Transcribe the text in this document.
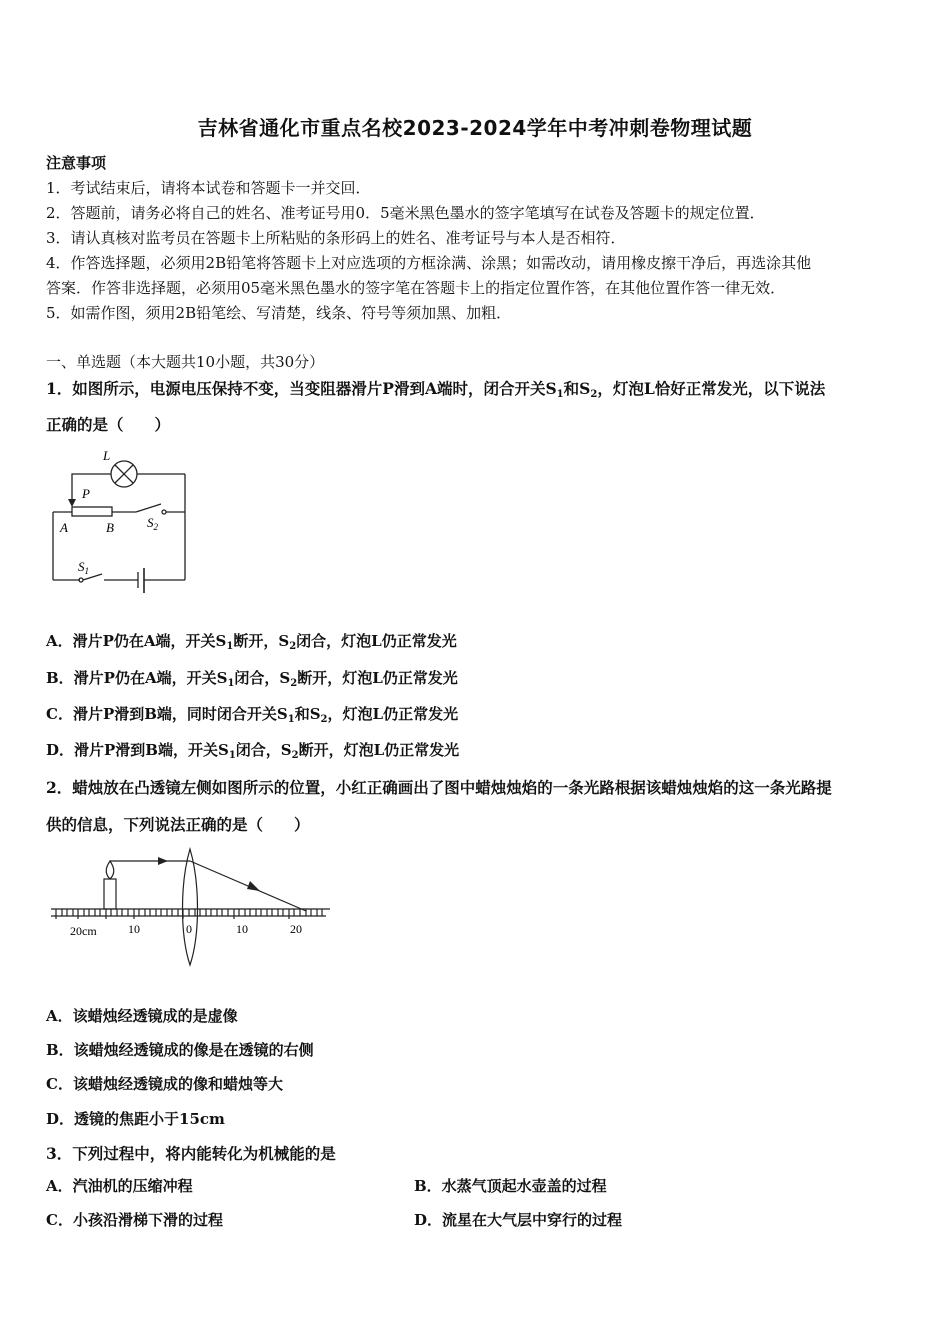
吉林省通化市重点名校2023-2024学年中考冲刺卷物理试题
注意事项
1．考试结束后，请将本试卷和答题卡一并交回．
2．答题前，请务必将自己的姓名、准考证号用0．5毫米黑色墨水的签字笔填写在试卷及答题卡的规定位置．
3．请认真核对监考员在答题卡上所粘贴的条形码上的姓名、准考证号与本人是否相符．
4．作答选择题，必须用2B铅笔将答题卡上对应选项的方框涂满、涂黑；如需改动，请用橡皮擦干净后，再选涂其他
答案．作答非选择题，必须用05毫米黑色墨水的签字笔在答题卡上的指定位置作答，在其他位置作答一律无效．
5．如需作图，须用2B铅笔绘、写清楚，线条、符号等须加黑、加粗．
一、单选题（本大题共10小题，共30分）
1．如图所示，电源电压保持不变，当变阻器滑片P滑到A端时，闭合开关$S_1$和$S_2$，灯泡L恰好正常发光，以下说法
正确的是（　　）
L
P
A	B	$S_2$
$S_1$
A．滑片P仍在A端，开关$S_1$断开，$S_2$闭合，灯泡L仍正常发光
B．滑片P仍在A端，开关$S_1$闭合，$S_2$断开，灯泡L仍正常发光
C．滑片P滑到B端，同时闭合开关$S_1$和$S_2$，灯泡L仍正常发光
D．滑片P滑到B端，开关$S_1$闭合，$S_2$断开，灯泡L仍正常发光
2．蜡烛放在凸透镜左侧如图所示的位置，小红正确画出了图中蜡烛烛焰的一条光路根据该蜡烛烛焰的这一条光路提
供的信息，下列说法正确的是（　　）
20cm	10	0	10	20
A．该蜡烛经透镜成的是虚像
B．该蜡烛经透镜成的像是在透镜的右侧
C．该蜡烛经透镜成的像和蜡烛等大
D．透镜的焦距小于15cm
3．下列过程中，将内能转化为机械能的是
A．汽油机的压缩冲程	B．水蒸气顶起水壶盖的过程
C．小孩沿滑梯下滑的过程	D．流星在大气层中穿行的过程
